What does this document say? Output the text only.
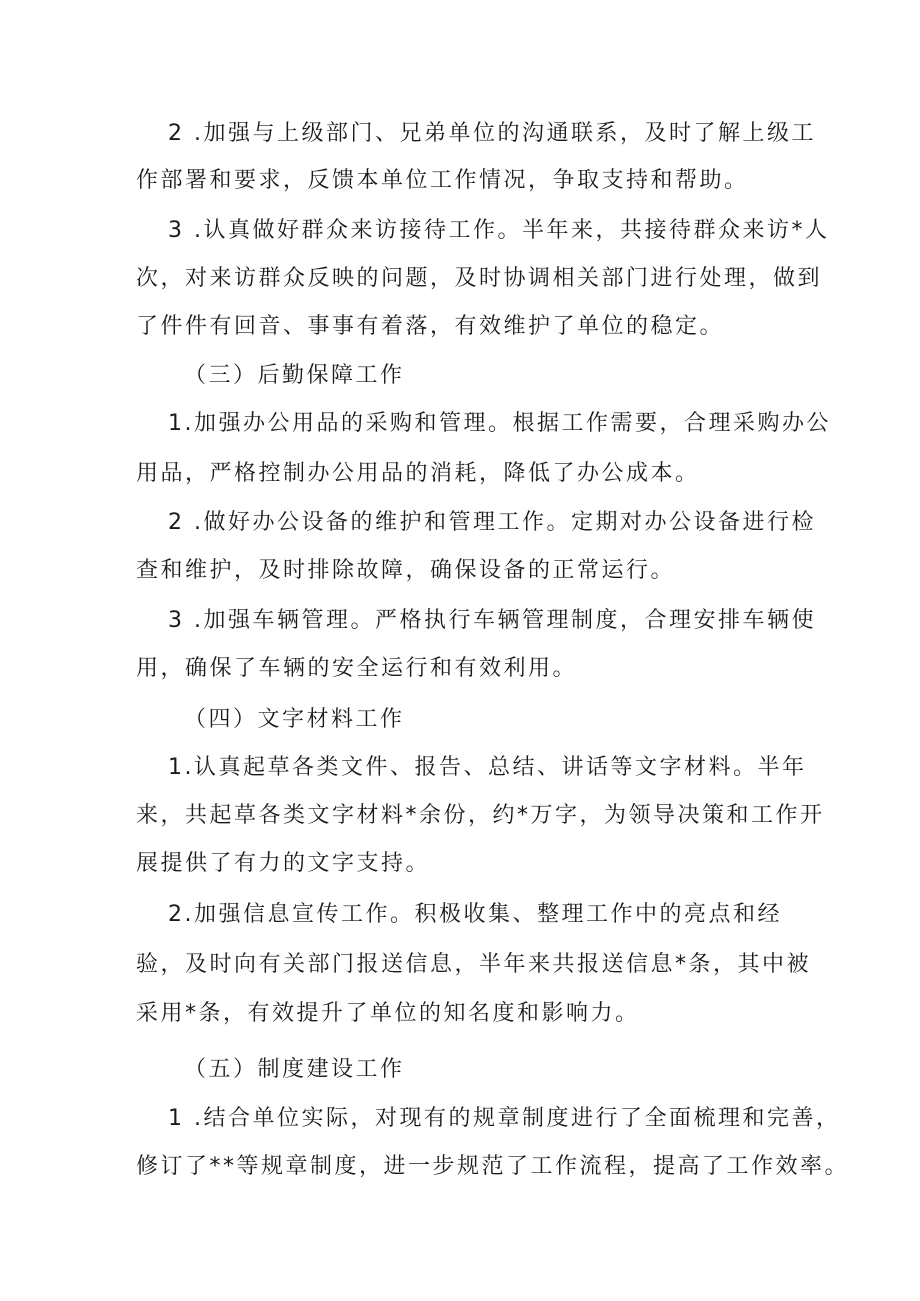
2 .加强与上级部门、兄弟单位的沟通联系，及时了解上级工
作部署和要求，反馈本单位工作情况，争取支持和帮助。
3 .认真做好群众来访接待工作。半年来，共接待群众来访*人
次，对来访群众反映的问题，及时协调相关部门进行处理，做到
了件件有回音、事事有着落，有效维护了单位的稳定。
（三）后勤保障工作
1.加强办公用品的采购和管理。根据工作需要，合理采购办公
用品，严格控制办公用品的消耗，降低了办公成本。
2 .做好办公设备的维护和管理工作。定期对办公设备进行检
查和维护，及时排除故障，确保设备的正常运行。
3 .加强车辆管理。严格执行车辆管理制度，合理安排车辆使
用，确保了车辆的安全运行和有效利用。
（四）文字材料工作
1.认真起草各类文件、报告、总结、讲话等文字材料。半年
来，共起草各类文字材料*余份，约*万字，为领导决策和工作开
展提供了有力的文字支持。
2.加强信息宣传工作。积极收集、整理工作中的亮点和经
验，及时向有关部门报送信息，半年来共报送信息*条，其中被
采用*条，有效提升了单位的知名度和影响力。
（五）制度建设工作
1 .结合单位实际，对现有的规章制度进行了全面梳理和完善，
修订了**等规章制度，进一步规范了工作流程，提高了工作效率。
